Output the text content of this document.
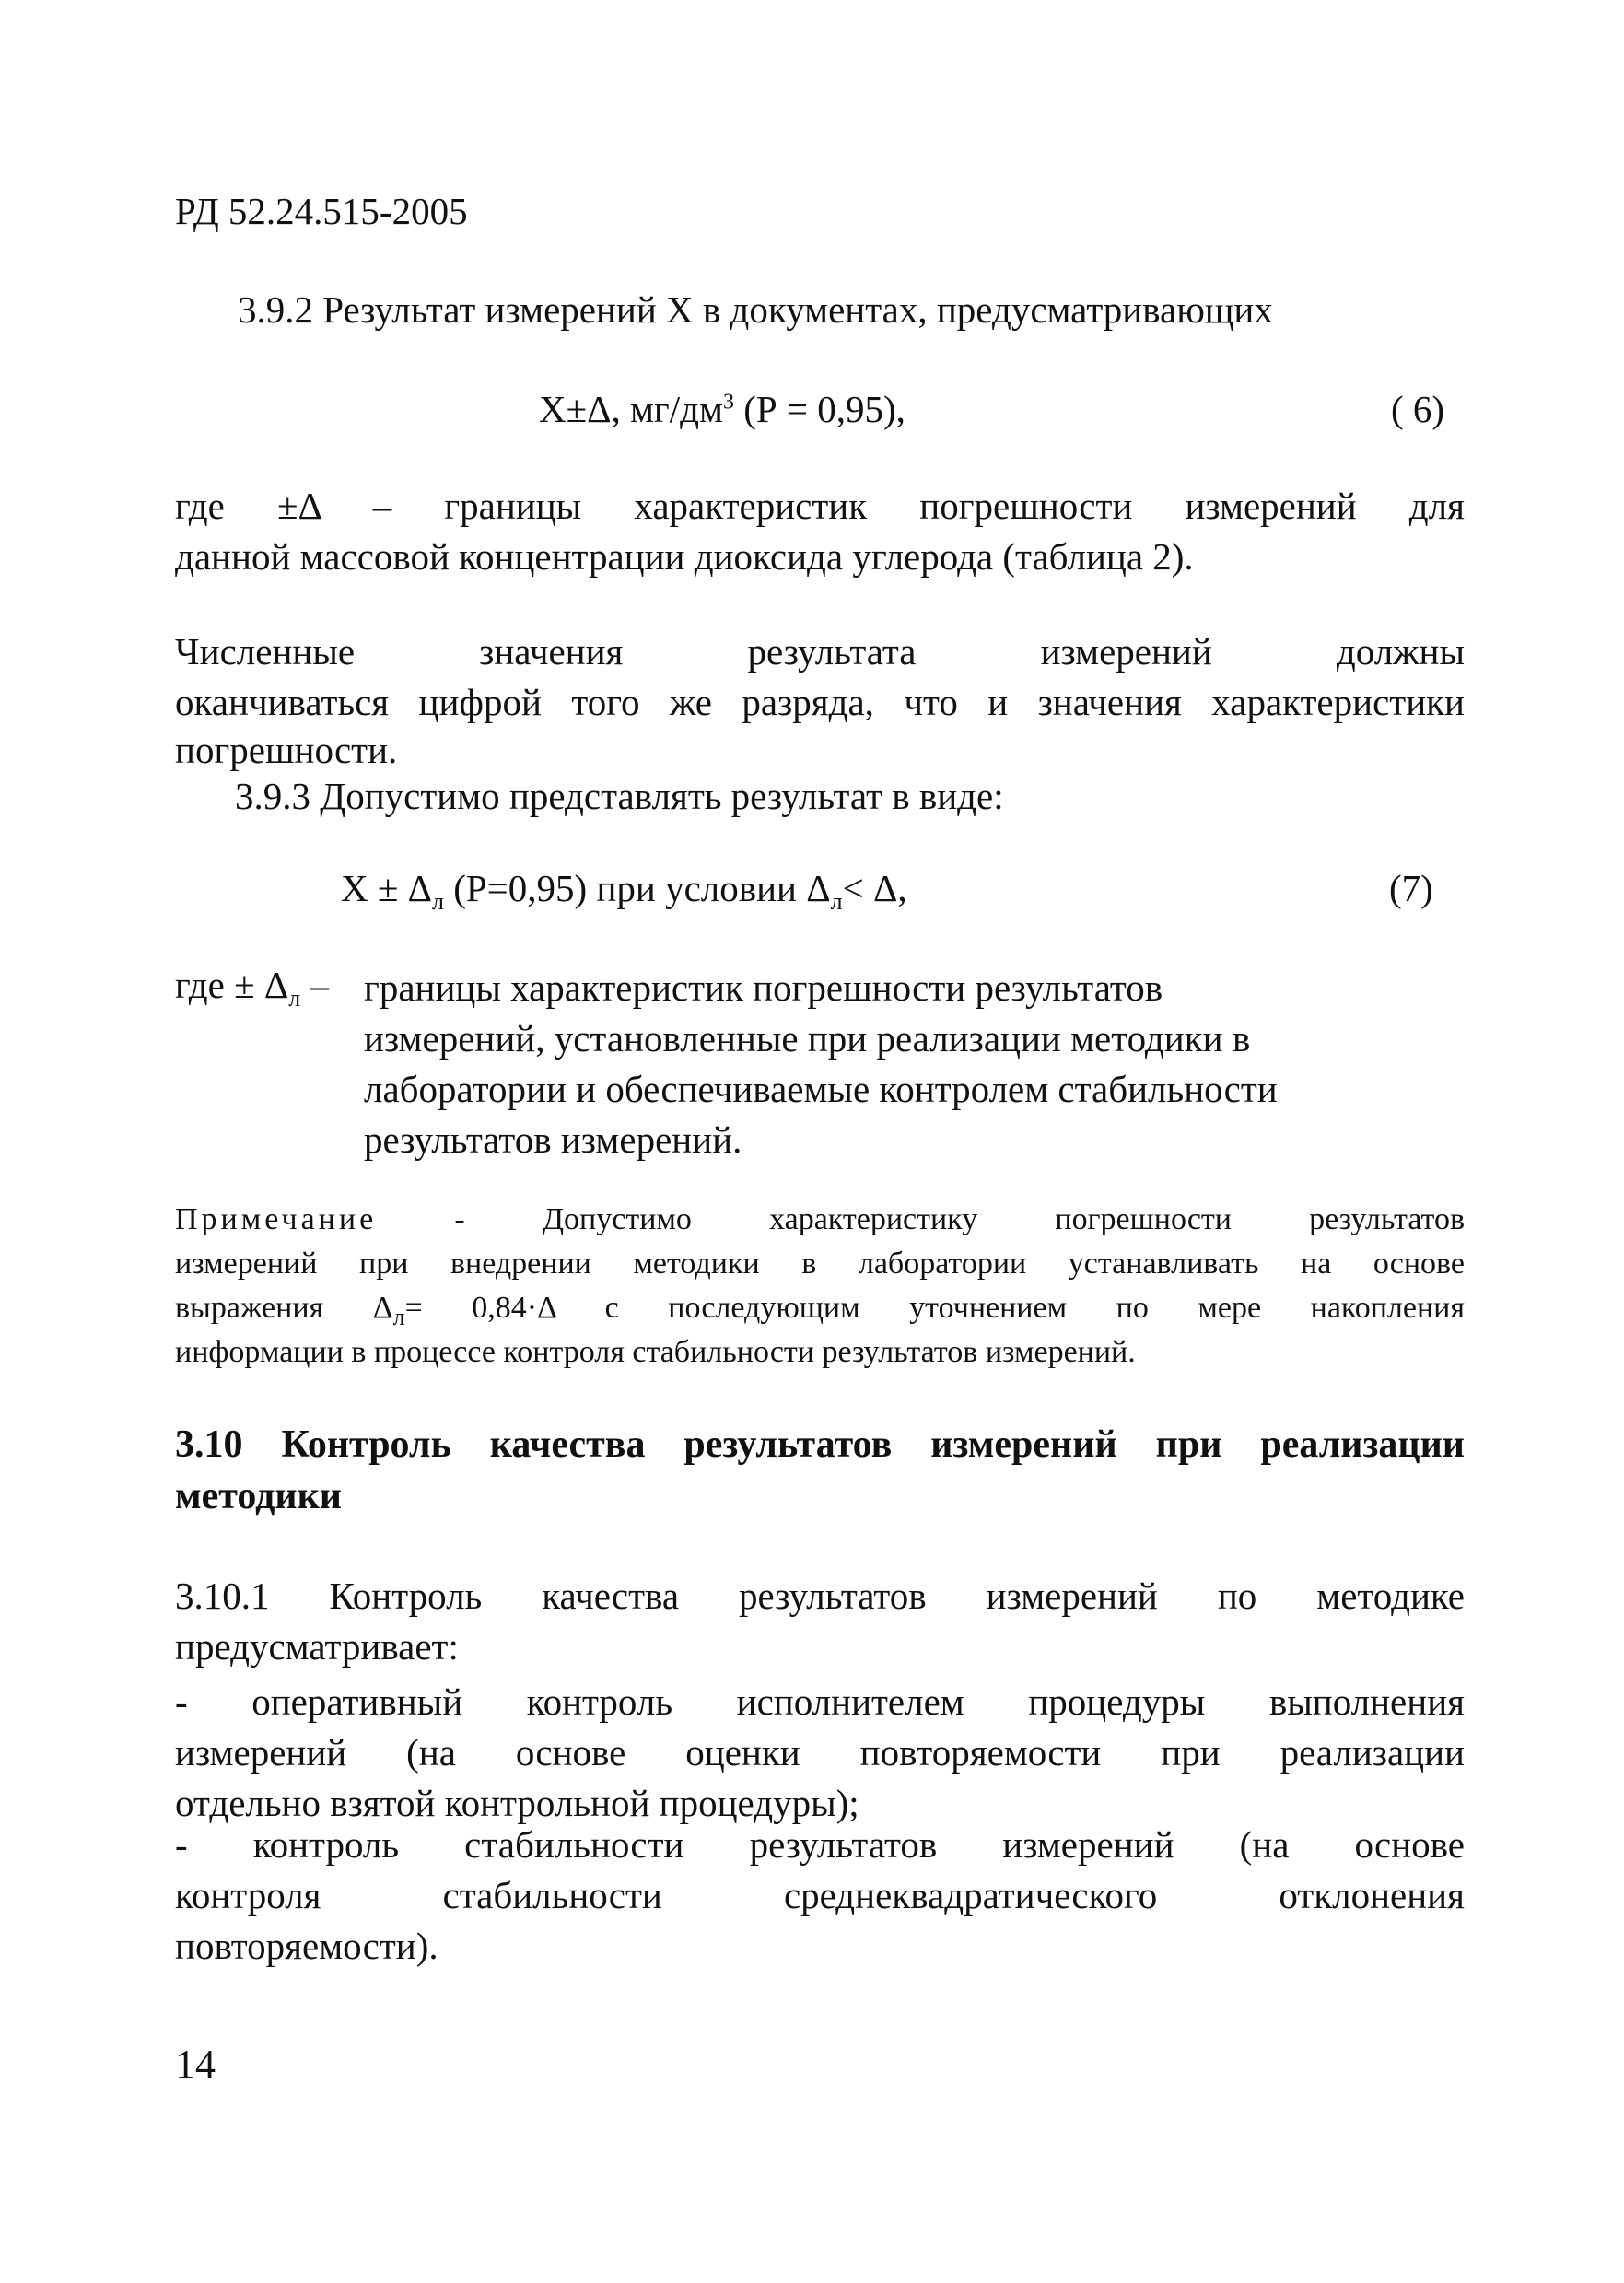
РД 52.24.515-2005
3.9.2 Результат измерений X в документах, предусматривающих
X±Δ, $мг/дм^3$ (Р = 0,95),	( 6)
где ±Δ – границы характеристик погрешности измерений для
данной массовой концентрации диоксида углерода (таблица 2).
Численные значения результата измерений должны
оканчиваться цифрой того же разряда, что и значения характеристики
погрешности.
3.9.3 Допустимо представлять результат в виде:
$X \pm \Delta_л$ (Р=0,95) при условии $\Delta_л< \Delta$,	(7)
где ± $\Delta_л$ – границы характеристик погрешности результатов
измерений, установленные при реализации методики в
лаборатории и обеспечиваемые контролем стабильности
результатов измерений.
Примечание - Допустимо характеристику погрешности результатов
измерений при внедрении методики в лаборатории устанавливать на основе
выражения $\Delta_л= 0,84\cdot\Delta$ с последующим уточнением по мере накопления
информации в процессе контроля стабильности результатов измерений.
3.10 Контроль качества результатов измерений при реализации
методики
3.10.1 Контроль качества результатов измерений по методике
предусматривает:
- оперативный контроль исполнителем процедуры выполнения
измерений (на основе оценки повторяемости при реализации
отдельно взятой контрольной процедуры);
- контроль стабильности результатов измерений (на основе
контроля стабильности среднеквадратического отклонения
повторяемости).
14
